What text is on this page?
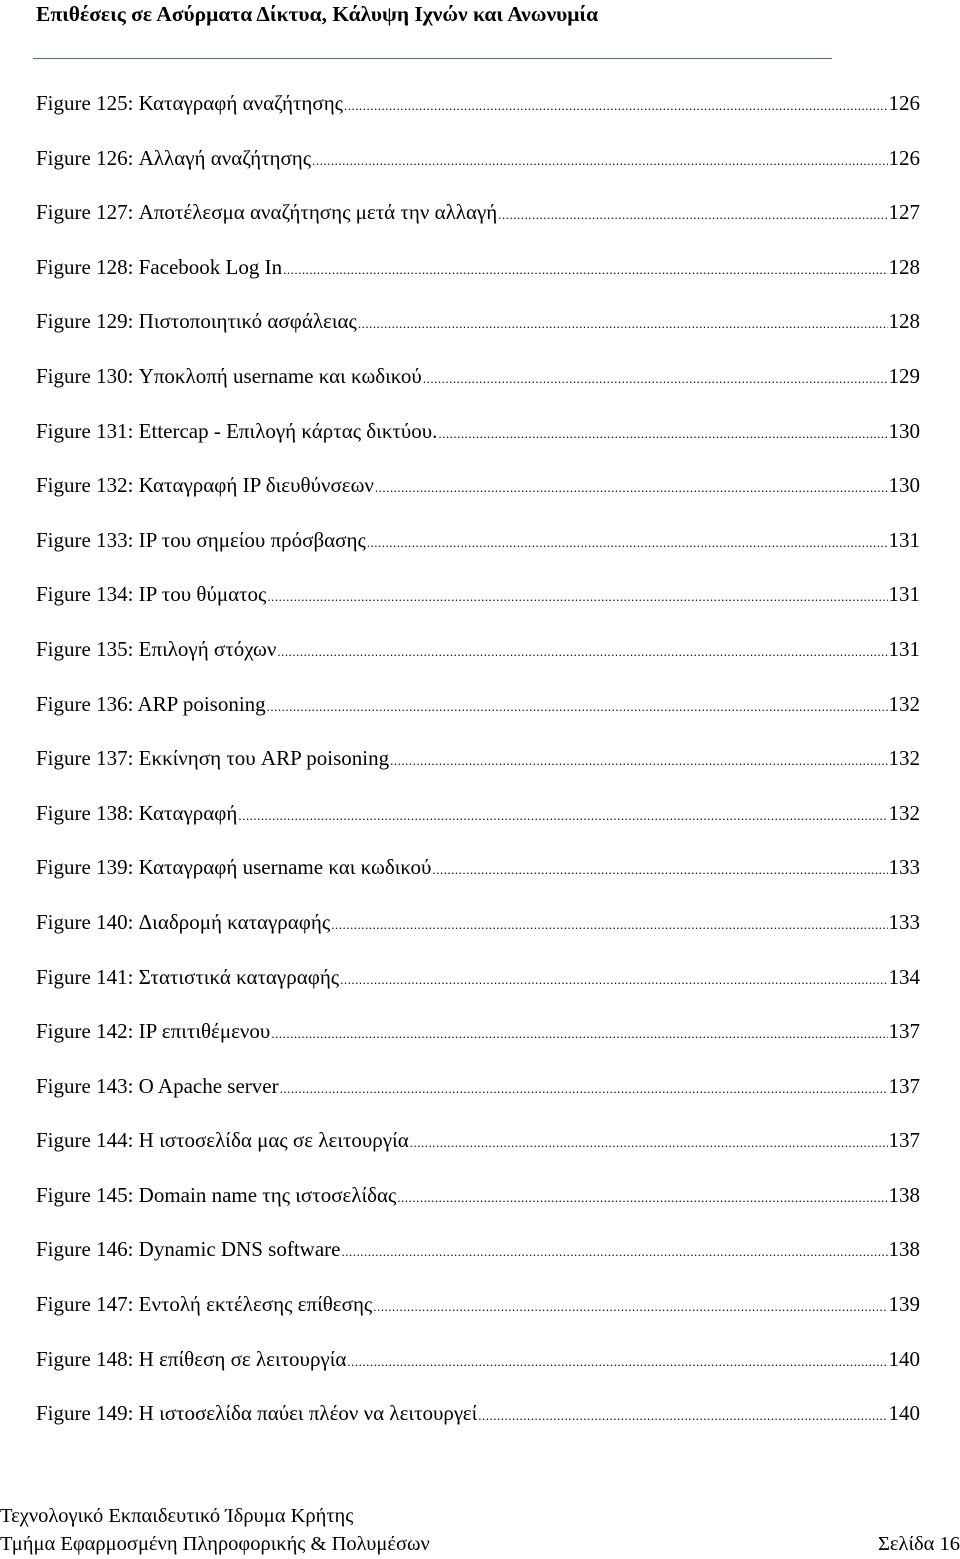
Επιθέσεις σε Ασύρματα Δίκτυα, Κάλυψη Ιχνών και Ανωνυμία
Figure 125: Καταγραφή αναζήτησης .....	126
Figure 126: Αλλαγή αναζήτησης .....	126
Figure 127: Αποτέλεσμα αναζήτησης μετά την αλλαγή .....	127
Figure 128: Facebook Log In .....	128
Figure 129: Πιστοποιητικό ασφάλειας .....	128
Figure 130: Υποκλοπή username και κωδικού .....	129
Figure 131: Ettercap - Επιλογή κάρτας δικτύου. .....	130
Figure 132: Καταγραφή IP διευθύνσεων .....	130
Figure 133: IP του σημείου πρόσβασης .....	131
Figure 134: IP του θύματος .....	131
Figure 135: Επιλογή στόχων .....	131
Figure 136: ARP poisoning .....	132
Figure 137: Εκκίνηση του ARP poisoning .....	132
Figure 138: Καταγραφή .....	132
Figure 139: Καταγραφή username και κωδικού .....	133
Figure 140: Διαδρομή καταγραφής .....	133
Figure 141: Στατιστικά καταγραφής .....	134
Figure 142: IP επιτιθέμενου .....	137
Figure 143: O Apache server .....	137
Figure 144: Η ιστοσελίδα μας σε λειτουργία .....	137
Figure 145: Domain name της ιστοσελίδας .....	138
Figure 146: Dynamic DNS software .....	138
Figure 147: Εντολή εκτέλεσης επίθεσης .....	139
Figure 148: Η επίθεση σε λειτουργία .....	140
Figure 149: Η ιστοσελίδα παύει πλέον να λειτουργεί .....	140
Τεχνολογικό Εκπαιδευτικό Ίδρυμα Κρήτης
Τμήμα Εφαρμοσμένη Πληροφορικής & Πολυμέσων	Σελίδα 16
